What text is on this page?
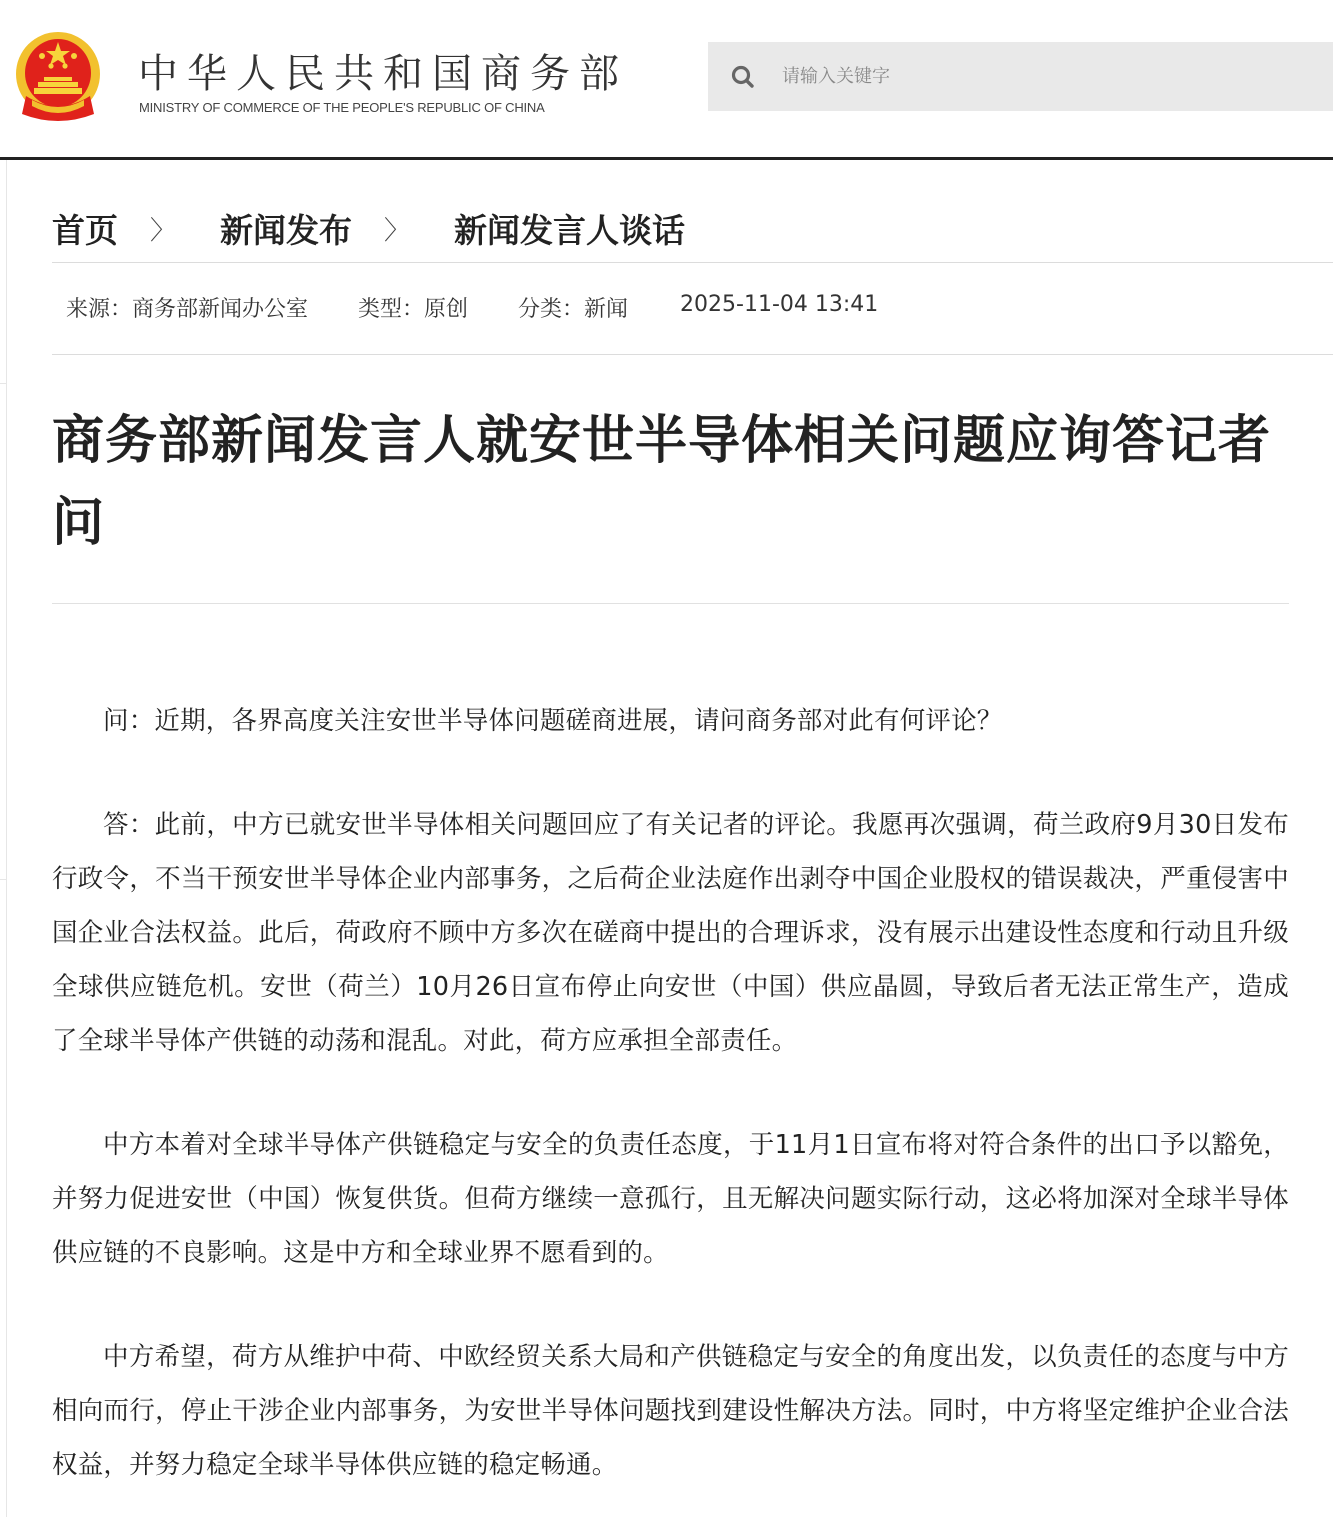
中华人民共和国商务部
MINISTRY OF COMMERCE OF THE PEOPLE'S REPUBLIC OF CHINA
请输入关键字
首页 〉 新闻发布 〉 新闻发言人谈话
来源：商务部新闻办公室 类型：原创 分类：新闻 2025-11-04 13:41
商务部新闻发言人就安世半导体相关问题应询答记者问

问：近期，各界高度关注安世半导体问题磋商进展，请问商务部对此有何评论？

答：此前，中方已就安世半导体相关问题回应了有关记者的评论。我愿再次强调，荷兰政府9月30日发布行政令，不当干预安世半导体企业内部事务，之后荷企业法庭作出剥夺中国企业股权的错误裁决，严重侵害中国企业合法权益。此后，荷政府不顾中方多次在磋商中提出的合理诉求，没有展示出建设性态度和行动且升级全球供应链危机。安世（荷兰）10月26日宣布停止向安世（中国）供应晶圆，导致后者无法正常生产，造成了全球半导体产供链的动荡和混乱。对此，荷方应承担全部责任。

中方本着对全球半导体产供链稳定与安全的负责任态度，于11月1日宣布将对符合条件的出口予以豁免，并努力促进安世（中国）恢复供货。但荷方继续一意孤行，且无解决问题实际行动，这必将加深对全球半导体供应链的不良影响。这是中方和全球业界不愿看到的。

中方希望，荷方从维护中荷、中欧经贸关系大局和产供链稳定与安全的角度出发，以负责任的态度与中方相向而行，停止干涉企业内部事务，为安世半导体问题找到建设性解决方法。同时，中方将坚定维护企业合法权益，并努力稳定全球半导体供应链的稳定畅通。
